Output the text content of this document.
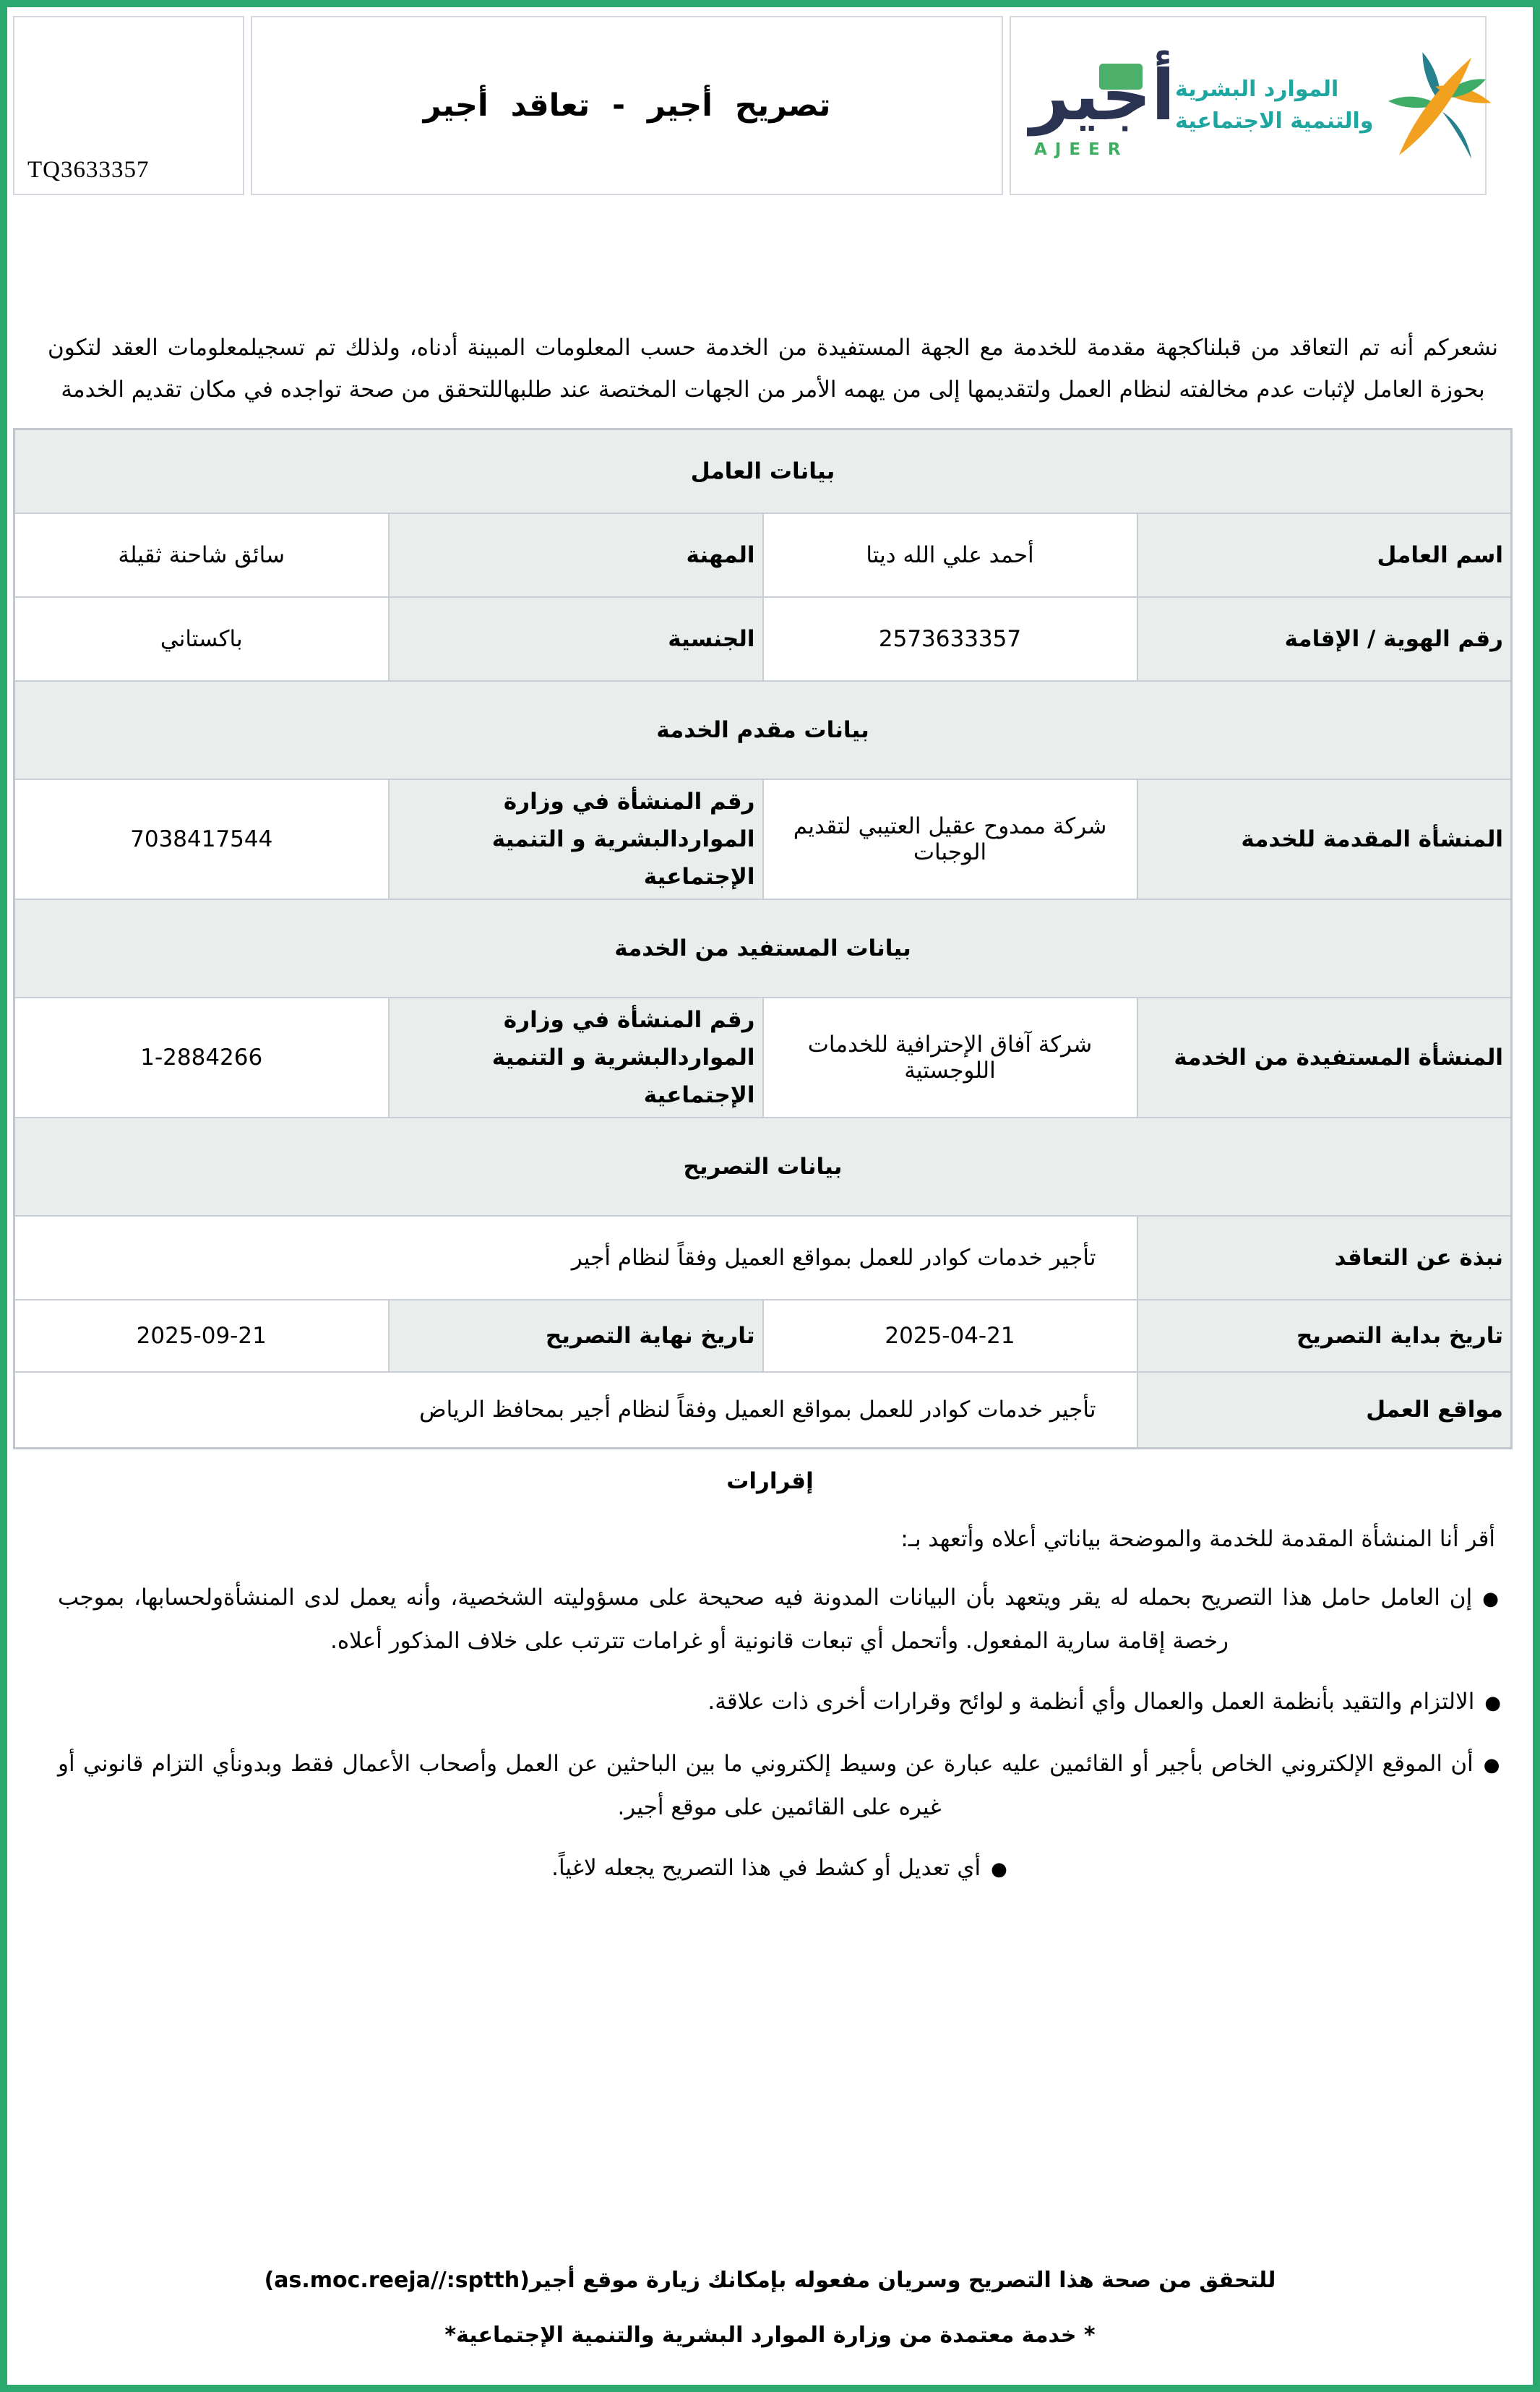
TQ3633357
تصريح أجير - تعاقد أجير	أجير
AJEER
الموارد البشرية
والتنمية الاجتماعية
نشعركم أنه تم التعاقد من قبلناكجهة مقدمة للخدمة مع الجهة المستفيدة من الخدمة حسب المعلومات المبينة أدناه، ولذلك تم تسجيلمعلومات العقد لتكون بحوزة العامل لإثبات عدم مخالفته لنظام العمل ولتقديمها إلى من يهمه الأمر من الجهات المختصة عند طلبهاللتحقق من صحة تواجده في مكان تقديم الخدمة
بيانات العامل			
اسم العامل	أحمد علي الله ديتا	المهنة	سائق شاحنة ثقيلة
رقم الهوية / الإقامة	2573633357	الجنسية	باكستاني
بيانات مقدم الخدمة			
المنشأة المقدمة للخدمة	شركة ممدوح عقيل العتيبي لتقديم الوجبات	رقم المنشأة في وزارة المواردالبشرية و التنمية الإجتماعية	7038417544
بيانات المستفيد من الخدمة			
المنشأة المستفيدة من الخدمة	شركة آفاق الإحترافية للخدمات اللوجستية	رقم المنشأة في وزارة المواردالبشرية و التنمية الإجتماعية	1-2884266
بيانات التصريح			
نبذة عن التعاقد	تأجير خدمات كوادر للعمل بمواقع العميل وفقاً لنظام أجير		
تاريخ بداية التصريح	2025-04-21	تاريخ نهاية التصريح	2025-09-21
مواقع العمل	تأجير خدمات كوادر للعمل بمواقع العميل وفقاً لنظام أجير بمحافظ الرياض		
إقرارات
أقر أنا المنشأة المقدمة للخدمة والموضحة بياناتي أعلاه وأتعهد بـ:
●إن العامل حامل هذا التصريح بحمله له يقر ويتعهد بأن البيانات المدونة فيه صحيحة على مسؤوليته الشخصية، وأنه يعمل لدى المنشأةولحسابها، بموجب رخصة إقامة سارية المفعول. وأتحمل أي تبعات قانونية أو غرامات تترتب على خلاف المذكور أعلاه.
●الالتزام والتقيد بأنظمة العمل والعمال وأي أنظمة و لوائح وقرارات أخرى ذات علاقة.
●أن الموقع الإلكتروني الخاص بأجير أو القائمين عليه عبارة عن وسيط إلكتروني ما بين الباحثين عن العمل وأصحاب الأعمال فقط وبدونأي التزام قانوني أو غيره على القائمين على موقع أجير.
●أي تعديل أو كشط في هذا التصريح يجعله لاغياً.
للتحقق من صحة هذا التصريح وسريان مفعوله بإمكانك زيارة موقع أجير(as.moc.reeja//:sptth)
* خدمة معتمدة من وزارة الموارد البشرية والتنمية الإجتماعية*
